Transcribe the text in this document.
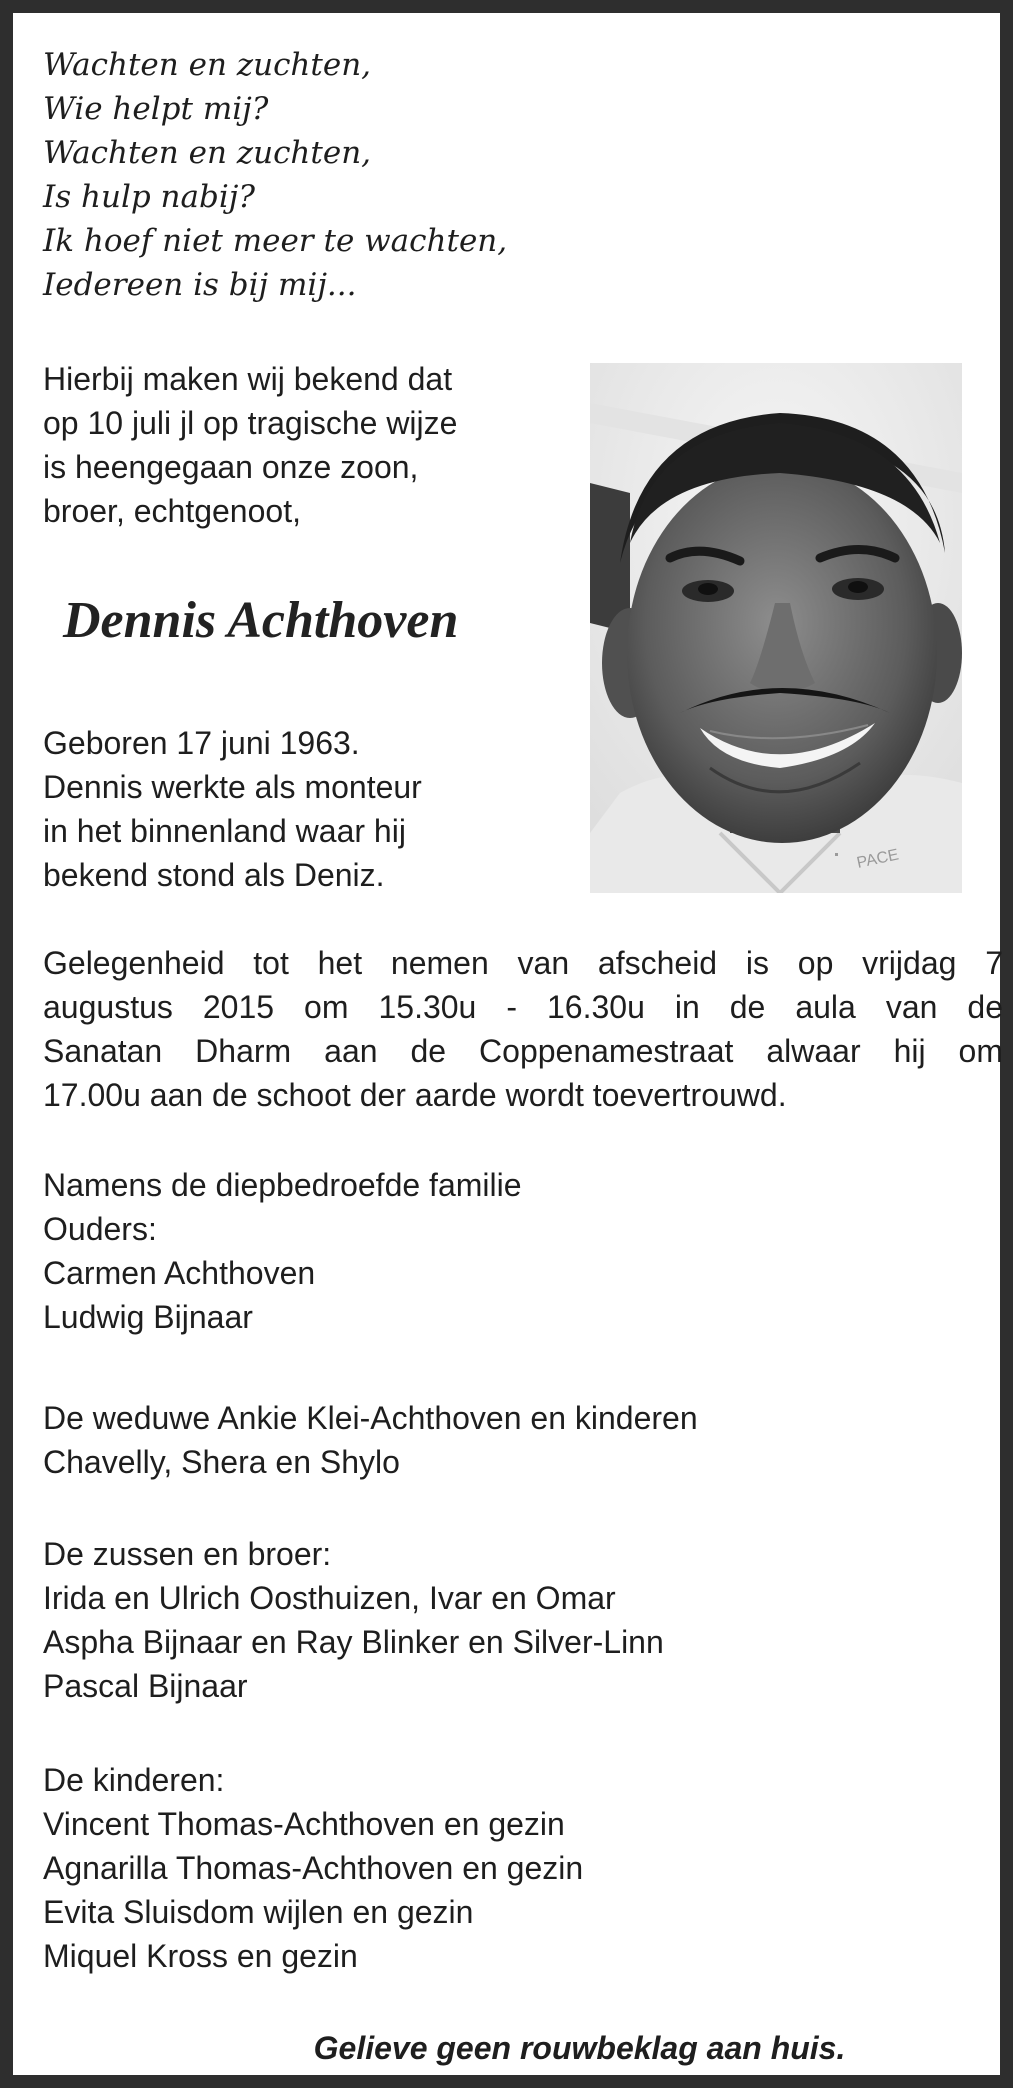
Wachten en zuchten,
Wie helpt mij?
Wachten en zuchten,
Is hulp nabij?
Ik hoef niet meer te wachten,
Iedereen is bij mij...
Hierbij maken wij bekend dat
op 10 juli jl op tragische wijze
is heengegaan onze zoon,
broer, echtgenoot,
Dennis Achthoven
Geboren 17 juni 1963.
Dennis werkte als monteur
in het binnenland waar hij
bekend stond als Deniz.	PACE
Gelegenheid tot het nemen van afscheid is op vrijdag 7
augustus 2015 om 15.30u - 16.30u in de aula van de
Sanatan Dharm aan de Coppenamestraat alwaar hij om
17.00u aan de schoot der aarde wordt toevertrouwd.
Namens de diepbedroefde familie
Ouders:
Carmen Achthoven
Ludwig Bijnaar
De weduwe Ankie Klei-Achthoven en kinderen
Chavelly, Shera en Shylo
De zussen en broer:
Irida en Ulrich Oosthuizen, Ivar en Omar
Aspha Bijnaar en Ray Blinker en Silver-Linn
Pascal Bijnaar
De kinderen:
Vincent Thomas-Achthoven en gezin
Agnarilla Thomas-Achthoven en gezin
Evita Sluisdom wijlen en gezin
Miquel Kross en gezin
Gelieve geen rouwbeklag aan huis.
